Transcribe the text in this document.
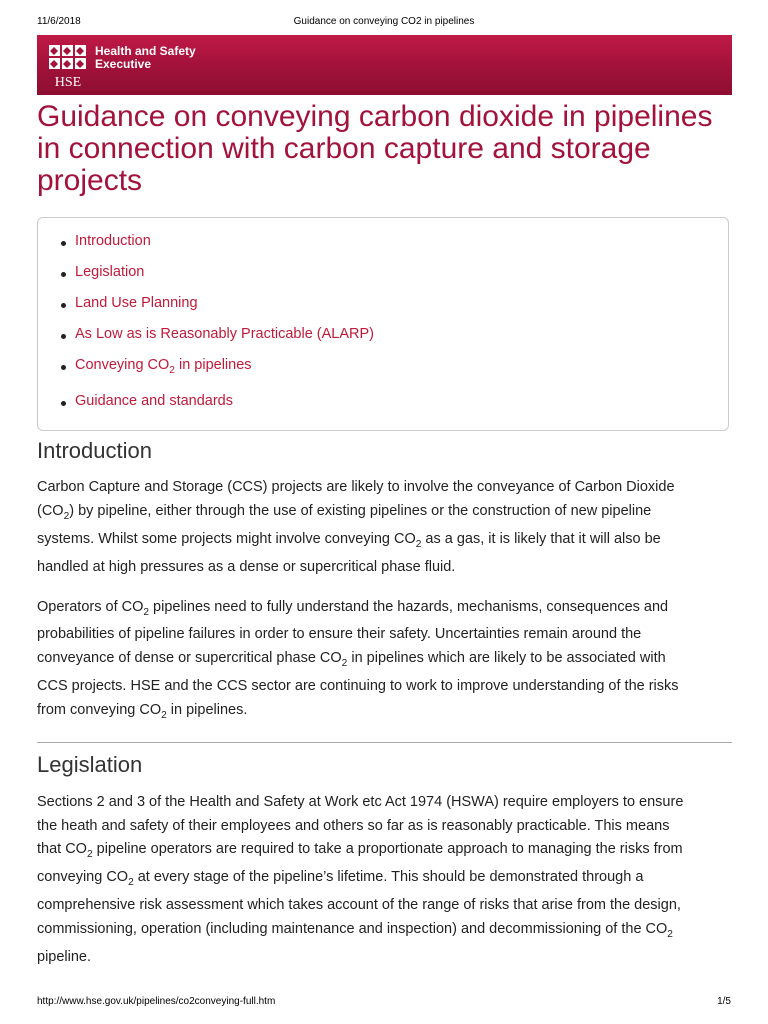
11/6/2018	Guidance on conveying CO2 in pipelines
HSE
Health and Safety
Executive
Guidance on conveying carbon dioxide in pipelines in connection with carbon capture and storage projects
Introduction
Legislation
Land Use Planning
As Low as is Reasonably Practicable (ALARP)
Conveying $CO_2$ in pipelines
Guidance and standards
Introduction
Carbon Capture and Storage (CCS) projects are likely to involve the conveyance of Carbon Dioxide
$(CO_2)$ by pipeline, either through the use of existing pipelines or the construction of new pipeline
systems. Whilst some projects might involve conveying $CO_2$ as a gas, it is likely that it will also be
handled at high pressures as a dense or supercritical phase fluid.
Operators of $CO_2$ pipelines need to fully understand the hazards, mechanisms, consequences and
probabilities of pipeline failures in order to ensure their safety. Uncertainties remain around the
conveyance of dense or supercritical phase $CO_2$ in pipelines which are likely to be associated with
CCS projects. HSE and the CCS sector are continuing to work to improve understanding of the risks
from conveying $CO_2$ in pipelines.
Legislation
Sections 2 and 3 of the Health and Safety at Work etc Act 1974 (HSWA) require employers to ensure
the heath and safety of their employees and others so far as is reasonably practicable. This means
that $CO_2$ pipeline operators are required to take a proportionate approach to managing the risks from
conveying $CO_2$ at every stage of the pipeline’s lifetime. This should be demonstrated through a
comprehensive risk assessment which takes account of the range of risks that arise from the design,
commissioning, operation (including maintenance and inspection) and decommissioning of the $CO_2$
pipeline.
http://www.hse.gov.uk/pipelines/co2conveying-full.htm	1/5
